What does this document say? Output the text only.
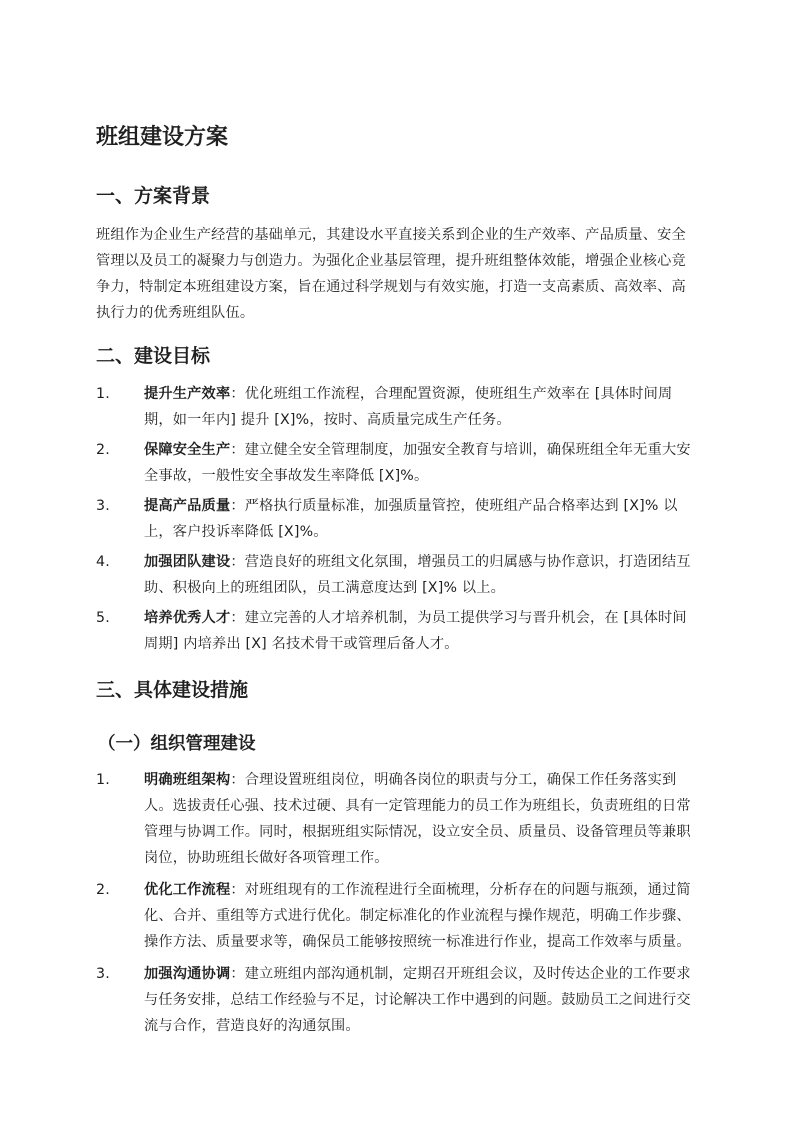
班组建设方案
一、方案背景

班组作为企业生产经营的基础单元，其建设水平直接关系到企业的生产效率、产品质量、安全管理以及员工的凝聚力与创造力。为强化企业基层管理，提升班组整体效能，增强企业核心竞争力，特制定本班组建设方案，旨在通过科学规划与有效实施，打造一支高素质、高效率、高执行力的优秀班组队伍。

二、建设目标
1. 提升生产效率：优化班组工作流程，合理配置资源，使班组生产效率在 [具体时间周期，如一年内] 提升 [X]%，按时、高质量完成生产任务。
2. 保障安全生产：建立健全安全管理制度，加强安全教育与培训，确保班组全年无重大安全事故，一般性安全事故发生率降低 [X]%。
3. 提高产品质量：严格执行质量标准，加强质量管控，使班组产品合格率达到 [X]% 以上，客户投诉率降低 [X]%。
4. 加强团队建设：营造良好的班组文化氛围，增强员工的归属感与协作意识，打造团结互助、积极向上的班组团队，员工满意度达到 [X]% 以上。
5. 培养优秀人才：建立完善的人才培养机制，为员工提供学习与晋升机会，在 [具体时间周期] 内培养出 [X] 名技术骨干或管理后备人才。
三、具体建设措施
（一）组织管理建设
1. 明确班组架构：合理设置班组岗位，明确各岗位的职责与分工，确保工作任务落实到人。选拔责任心强、技术过硬、具有一定管理能力的员工作为班组长，负责班组的日常管理与协调工作。同时，根据班组实际情况，设立安全员、质量员、设备管理员等兼职岗位，协助班组长做好各项管理工作。
2. 优化工作流程：对班组现有的工作流程进行全面梳理，分析存在的问题与瓶颈，通过简化、合并、重组等方式进行优化。制定标准化的作业流程与操作规范，明确工作步骤、操作方法、质量要求等，确保员工能够按照统一标准进行作业，提高工作效率与质量。
3. 加强沟通协调：建立班组内部沟通机制，定期召开班组会议，及时传达企业的工作要求与任务安排，总结工作经验与不足，讨论解决工作中遇到的问题。鼓励员工之间进行交流与合作，营造良好的沟通氛围。
